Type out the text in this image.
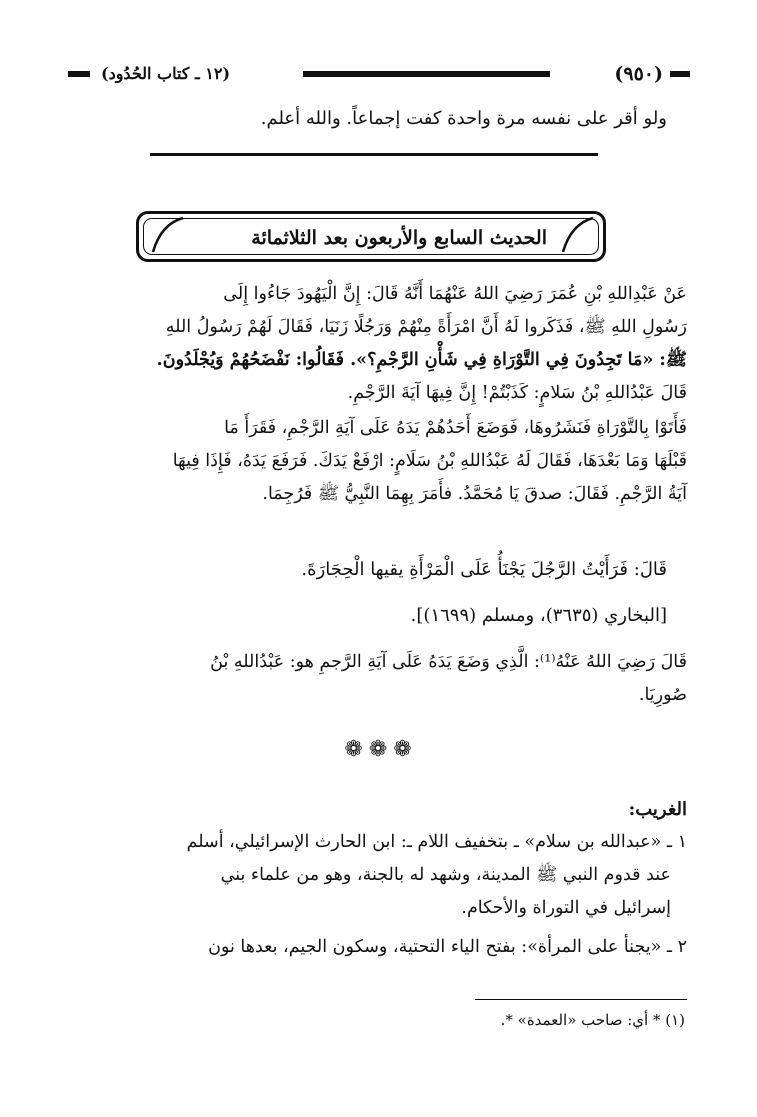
(٩٥٠)
(١٢ ـ كتاب الحُدُود)
ولو أقر على نفسه مرة واحدة كفت إجماعاً. والله أعلم.
الحديث السابع والأربعون بعد الثلاثمائة

عَنْ عَبْدِاللهِ بْنِ عُمَرَ رَضِيَ اللهُ عَنْهُمَا أَنَّهُ قَالَ: إِنَّ الْيَهُودَ جَاءُوا إِلَى
رَسُولِ اللهِ ﷺ، فَذَكَروا لَهُ أَنَّ امْرَأَةً مِنْهُمْ وَرَجُلًا زَنَيَا، فَقَالَ لَهُمْ رَسُولُ اللهِ
ﷺ: «مَا تَجِدُونَ فِي التَّوْرَاةِ فِي شَأْنِ الرَّجْمِ؟». فَقَالُوا: نَفْضَحُهُمْ وَيُجْلَدُونَ.
قَالَ عَبْدُاللهِ بْنُ سَلامٍ: كَذَبْتُمْ! إِنَّ فِيهَا آيَةَ الرَّجْمِ.

فَأَتَوْا بِالتَّوْرَاةِ فَنَشَرُوهَا، فَوَضَعَ أَحَدُهُمْ يَدَهُ عَلَى آيَةِ الرَّجْمِ، فَقَرَأَ مَا
قَبْلَهَا وَمَا بَعْدَهَا، فَقَالَ لَهُ عَبْدُاللهِ بْنُ سَلَامٍ: ارْفَعْ يَدَكَ. فَرَفَعَ يَدَهُ، فَإِذَا فِيهَا
آيَةُ الرَّجْمِ. فَقَالَ: صدقَ يَا مُحَمَّدُ. فأَمَرَ بِهِمَا النَّبِيُّ ﷺ فَرُجِمَا.

قَالَ: فَرَأَيْتُ الرَّجُلَ يَجْنَأُ عَلَى الْمَرْأَةِ يقيها الْحِجَارَةَ.
[البخاري (٣٦٣٥)، ومسلم (١٦٩٩)].

قَالَ رَضِيَ اللهُ عَنْهُ⁽¹⁾: الَّذِي وَضَعَ يَدَهُ عَلَى آيَةِ الرَّجمِ هو: عَبْدُاللهِ بْنُ
صُورِيَا.

❁❁❁
الغريب:

١ ـ «عبدالله بن سلام» ـ بتخفيف اللام ـ: ابن الحارث الإسرائيلي، أسلم
عند قدوم النبي ﷺ المدينة، وشهد له بالجنة، وهو من علماء بني
إسرائيل في التوراة والأحكام.

٢ ـ «يجنأ على المرأة»: بفتح الياء التحتية، وسكون الجيم، بعدها نون

(١) * أي: صاحب «العمدة» *.
